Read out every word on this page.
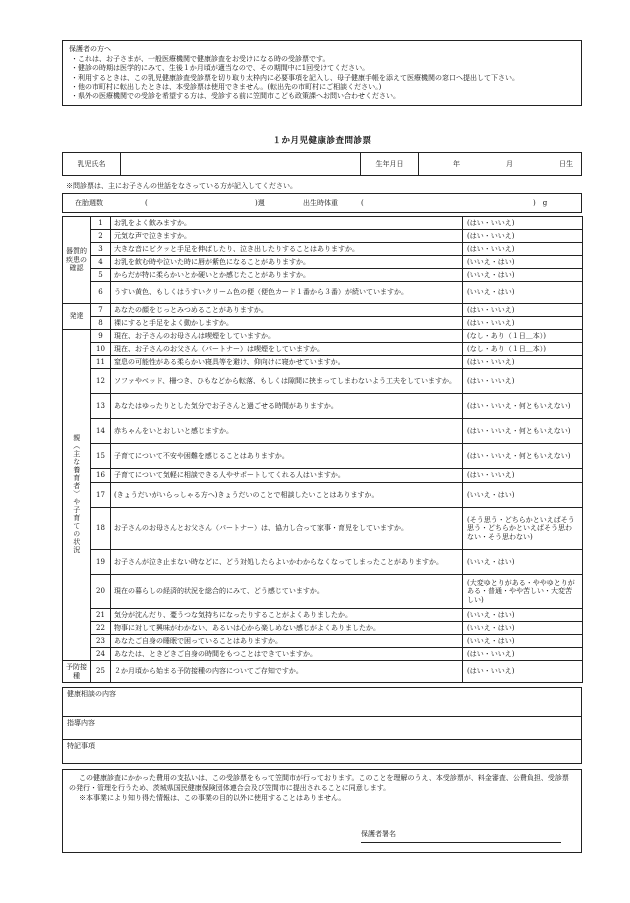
保護者の方へ
・ これは、お子さまが、一般医療機関で健康診査をお受けになる時の受診票です。
・ 健診の時期は医学的にみて、生後１か月頃が適当なので、その期間中に1回受けてください。
・ 利用するときは、この乳児健康診査受診票を切り取り太枠内に必要事項を記入し、母子健康手帳を添えて医療機関の窓口へ提出して下さい。
・ 他の市町村に転出したときは、本受診票は使用できません。(転出先の市町村にご相談ください。)
・ 県外の医療機関での受診を希望する方は、受診する前に笠間市こども政策課へお問い合わせください。
１か月児健康診査問診票
乳児氏名	生年月日	年	月	日生
※問診票は、主にお子さんの世話をなさっている方が記入してください。
在胎週数	(	)週	出生時体重	(	)　g
器質的疾患の確認	1	お乳をよく飲みますか。	(はい・いいえ)
	2	元気な声で泣きますか。	(はい・いいえ)
	3	大きな音にビクッと手足を伸ばしたり、泣き出したりすることはありますか。	(はい・いいえ)
	4	お乳を飲む時や泣いた時に唇が紫色になることがありますか。	(いいえ・はい)
	5	からだが特に柔らかいとか硬いとか感じたことがありますか。	(いいえ・はい)
	6	うすい黄色、もしくはうすいクリーム色の便（便色カード１番から３番）が続いていますか。	(いいえ・はい)
発達	7	あなたの顔をじっとみつめることがありますか。	(はい・いいえ)
	8	裸にすると手足をよく動かしますか。	(はい・いいえ)
親（主な養育者）や子育ての状況	9	現在、お子さんのお母さんは喫煙をしていますか。	(なし・あり（１日＿本）)
	10	現在、お子さんのお父さん（パートナー）は喫煙をしていますか。	(なし・あり（１日＿本）)
	11	窒息の可能性がある柔らかい寝具等を避け、仰向けに寝かせていますか。	(はい・いいえ)
	12	ソファやベッド、柵つき、ひもなどから転落、もしくは隙間に挟まってしまわないよう工夫をしていますか。	(はい・いいえ)
	13	あなたはゆったりとした気分でお子さんと過ごせる時間がありますか。	(はい・いいえ・何ともいえない)
	14	赤ちゃんをいとおしいと感じますか。	(はい・いいえ・何ともいえない)
	15	子育てについて不安や困難を感じることはありますか。	(はい・いいえ・何ともいえない)
	16	子育てについて気軽に相談できる人やサポートしてくれる人はいますか。	(はい・いいえ)
	17	(きょうだいがいらっしゃる方へ)きょうだいのことで相談したいことはありますか。	(いいえ・はい)
	18	お子さんのお母さんとお父さん（パートナー）は、協力し合って家事・育児をしていますか。	(そう思う・どちらかといえばそう思う・どちらかといえばそう思わない・そう思わない)
	19	お子さんが泣き止まない時などに、どう対処したらよいかわからなくなってしまったことがありますか。	(いいえ・はい)
	20	現在の暮らしの経済的状況を総合的にみて、どう感じていますか。	(大変ゆとりがある・ややゆとりがある・普通・やや苦しい・大変苦しい)
	21	気分が沈んだり、憂うつな気持ちになったりすることがよくありましたか。	(いいえ・はい)
	22	物事に対して興味がわかない、あるいは心から楽しめない感じがよくありましたか。	(いいえ・はい)
	23	あなたご自身の睡眠で困っていることはありますか。	(いいえ・はい)
	24	あなたは、ときどきご自身の時間をもつことはできていますか。	(はい・いいえ)
予防接種	25	２か月頃から始まる予防接種の内容についてご存知ですか。	(はい・いいえ)
健康相談の内容
指導内容
特記事項

この健康診査にかかった費用の支払いは、この受診票をもって笠間市が行っております。このことを理解のうえ、本受診票が、料金審査、公費負担、受診票の発行・管理を行うため、茨城県国民健康保険団体連合会及び笠間市に提出されることに同意します。

※本事業により知り得た情報は、この事業の目的以外に使用することはありません。

保護者署名
